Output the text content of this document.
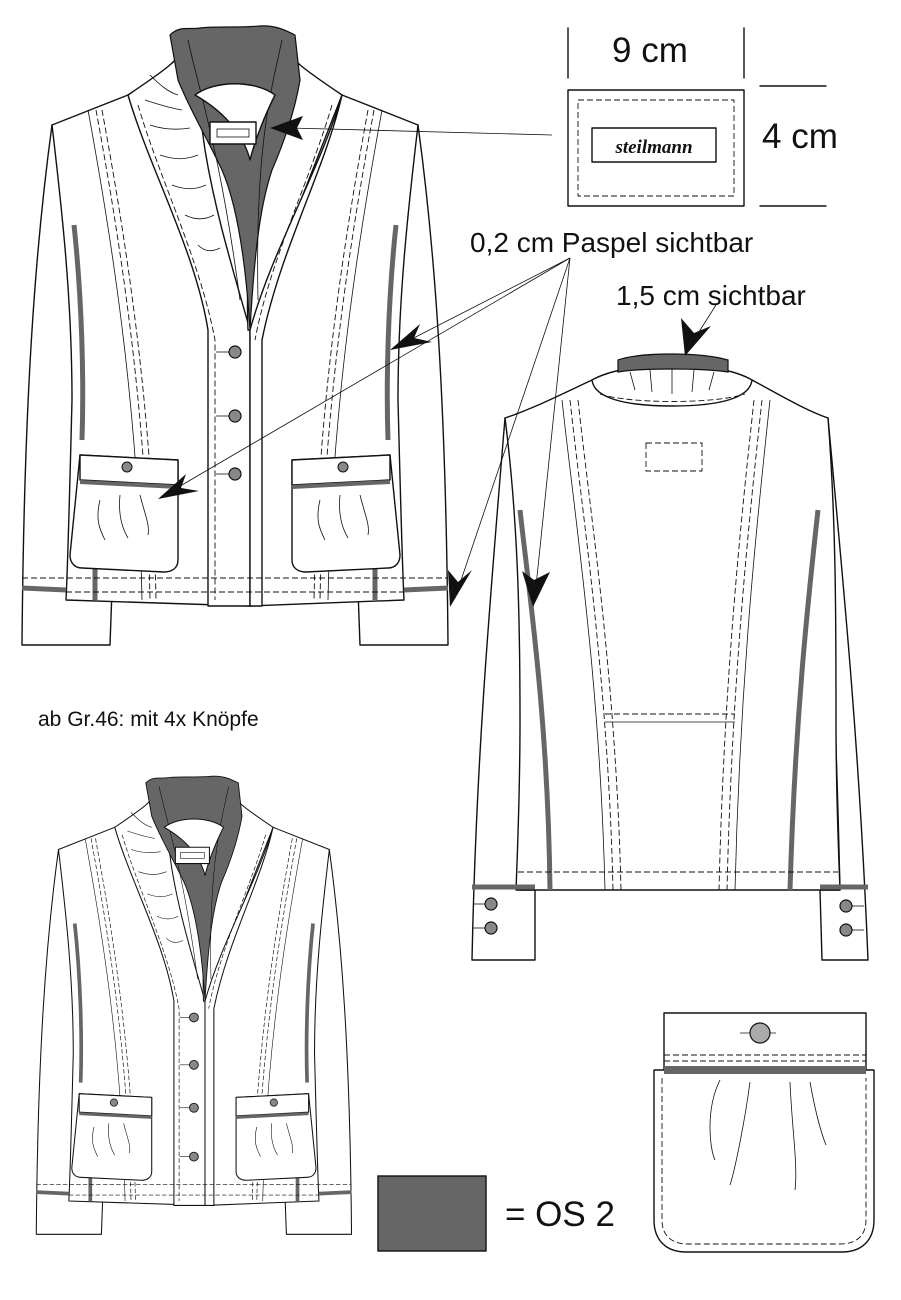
ab Gr.46: mit 4x Knöpfe
9 cm
4 cm
steilmann
0,2 cm Paspel sichtbar
1,5 cm sichtbar
= OS 2
